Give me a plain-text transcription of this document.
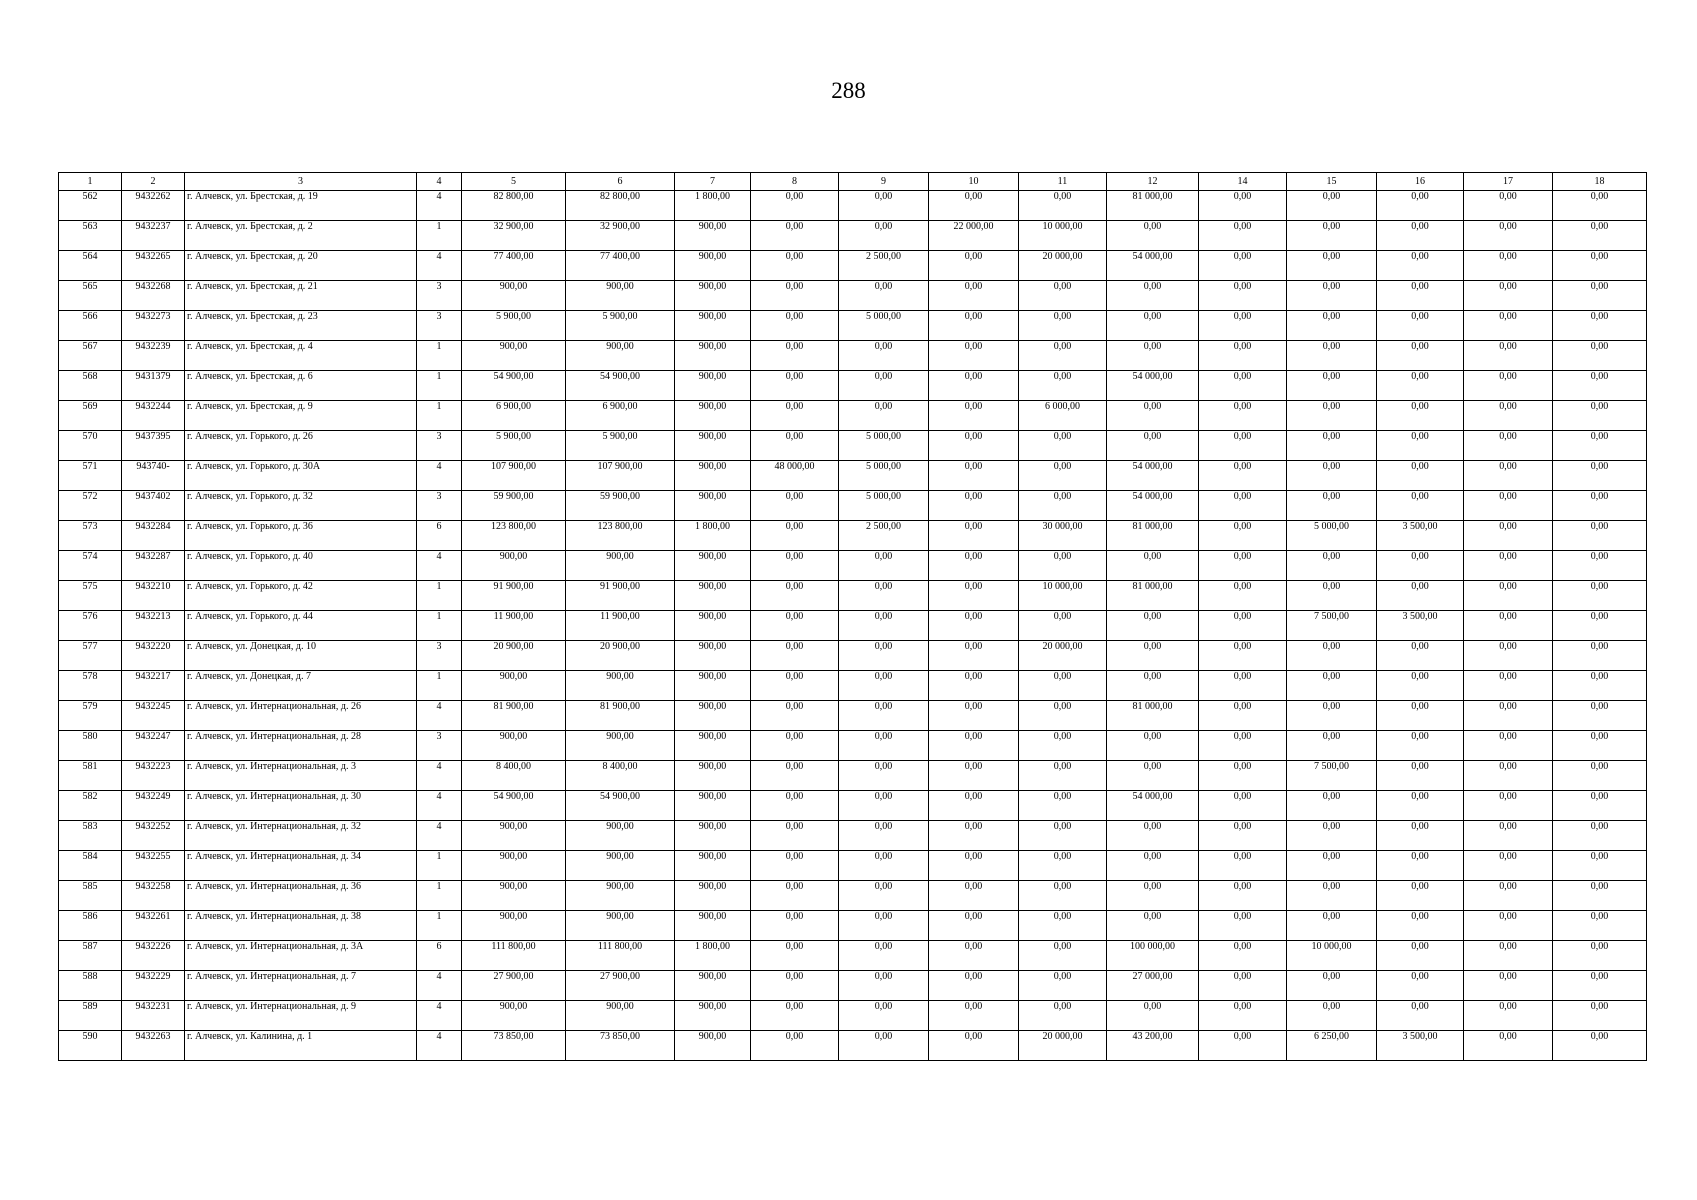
288
1	2	3	4	5	6	7	8	9	10	11	12	14	15	16	17	18
562	9432262	г. Алчевск, ул. Брестская, д. 19	4	82 800,00	82 800,00	1 800,00	0,00	0,00	0,00	0,00	81 000,00	0,00	0,00	0,00	0,00	0,00
563	9432237	г. Алчевск, ул. Брестская, д. 2	1	32 900,00	32 900,00	900,00	0,00	0,00	22 000,00	10 000,00	0,00	0,00	0,00	0,00	0,00	0,00
564	9432265	г. Алчевск, ул. Брестская, д. 20	4	77 400,00	77 400,00	900,00	0,00	2 500,00	0,00	20 000,00	54 000,00	0,00	0,00	0,00	0,00	0,00
565	9432268	г. Алчевск, ул. Брестская, д. 21	3	900,00	900,00	900,00	0,00	0,00	0,00	0,00	0,00	0,00	0,00	0,00	0,00	0,00
566	9432273	г. Алчевск, ул. Брестская, д. 23	3	5 900,00	5 900,00	900,00	0,00	5 000,00	0,00	0,00	0,00	0,00	0,00	0,00	0,00	0,00
567	9432239	г. Алчевск, ул. Брестская, д. 4	1	900,00	900,00	900,00	0,00	0,00	0,00	0,00	0,00	0,00	0,00	0,00	0,00	0,00
568	9431379	г. Алчевск, ул. Брестская, д. 6	1	54 900,00	54 900,00	900,00	0,00	0,00	0,00	0,00	54 000,00	0,00	0,00	0,00	0,00	0,00
569	9432244	г. Алчевск, ул. Брестская, д. 9	1	6 900,00	6 900,00	900,00	0,00	0,00	0,00	6 000,00	0,00	0,00	0,00	0,00	0,00	0,00
570	9437395	г. Алчевск, ул. Горького, д. 26	3	5 900,00	5 900,00	900,00	0,00	5 000,00	0,00	0,00	0,00	0,00	0,00	0,00	0,00	0,00
571	943740-	г. Алчевск, ул. Горького, д. 30А	4	107 900,00	107 900,00	900,00	48 000,00	5 000,00	0,00	0,00	54 000,00	0,00	0,00	0,00	0,00	0,00
572	9437402	г. Алчевск, ул. Горького, д. 32	3	59 900,00	59 900,00	900,00	0,00	5 000,00	0,00	0,00	54 000,00	0,00	0,00	0,00	0,00	0,00
573	9432284	г. Алчевск, ул. Горького, д. 36	6	123 800,00	123 800,00	1 800,00	0,00	2 500,00	0,00	30 000,00	81 000,00	0,00	5 000,00	3 500,00	0,00	0,00
574	9432287	г. Алчевск, ул. Горького, д. 40	4	900,00	900,00	900,00	0,00	0,00	0,00	0,00	0,00	0,00	0,00	0,00	0,00	0,00
575	9432210	г. Алчевск, ул. Горького, д. 42	1	91 900,00	91 900,00	900,00	0,00	0,00	0,00	10 000,00	81 000,00	0,00	0,00	0,00	0,00	0,00
576	9432213	г. Алчевск, ул. Горького, д. 44	1	11 900,00	11 900,00	900,00	0,00	0,00	0,00	0,00	0,00	0,00	7 500,00	3 500,00	0,00	0,00
577	9432220	г. Алчевск, ул. Донецкая, д. 10	3	20 900,00	20 900,00	900,00	0,00	0,00	0,00	20 000,00	0,00	0,00	0,00	0,00	0,00	0,00
578	9432217	г. Алчевск, ул. Донецкая, д. 7	1	900,00	900,00	900,00	0,00	0,00	0,00	0,00	0,00	0,00	0,00	0,00	0,00	0,00
579	9432245	г. Алчевск, ул. Интернациональная, д. 26	4	81 900,00	81 900,00	900,00	0,00	0,00	0,00	0,00	81 000,00	0,00	0,00	0,00	0,00	0,00
580	9432247	г. Алчевск, ул. Интернациональная, д. 28	3	900,00	900,00	900,00	0,00	0,00	0,00	0,00	0,00	0,00	0,00	0,00	0,00	0,00
581	9432223	г. Алчевск, ул. Интернациональная, д. 3	4	8 400,00	8 400,00	900,00	0,00	0,00	0,00	0,00	0,00	0,00	7 500,00	0,00	0,00	0,00
582	9432249	г. Алчевск, ул. Интернациональная, д. 30	4	54 900,00	54 900,00	900,00	0,00	0,00	0,00	0,00	54 000,00	0,00	0,00	0,00	0,00	0,00
583	9432252	г. Алчевск, ул. Интернациональная, д. 32	4	900,00	900,00	900,00	0,00	0,00	0,00	0,00	0,00	0,00	0,00	0,00	0,00	0,00
584	9432255	г. Алчевск, ул. Интернациональная, д. 34	1	900,00	900,00	900,00	0,00	0,00	0,00	0,00	0,00	0,00	0,00	0,00	0,00	0,00
585	9432258	г. Алчевск, ул. Интернациональная, д. 36	1	900,00	900,00	900,00	0,00	0,00	0,00	0,00	0,00	0,00	0,00	0,00	0,00	0,00
586	9432261	г. Алчевск, ул. Интернациональная, д. 38	1	900,00	900,00	900,00	0,00	0,00	0,00	0,00	0,00	0,00	0,00	0,00	0,00	0,00
587	9432226	г. Алчевск, ул. Интернациональная, д. 3А	6	111 800,00	111 800,00	1 800,00	0,00	0,00	0,00	0,00	100 000,00	0,00	10 000,00	0,00	0,00	0,00
588	9432229	г. Алчевск, ул. Интернациональная, д. 7	4	27 900,00	27 900,00	900,00	0,00	0,00	0,00	0,00	27 000,00	0,00	0,00	0,00	0,00	0,00
589	9432231	г. Алчевск, ул. Интернациональная, д. 9	4	900,00	900,00	900,00	0,00	0,00	0,00	0,00	0,00	0,00	0,00	0,00	0,00	0,00
590	9432263	г. Алчевск, ул. Калинина, д. 1	4	73 850,00	73 850,00	900,00	0,00	0,00	0,00	20 000,00	43 200,00	0,00	6 250,00	3 500,00	0,00	0,00
